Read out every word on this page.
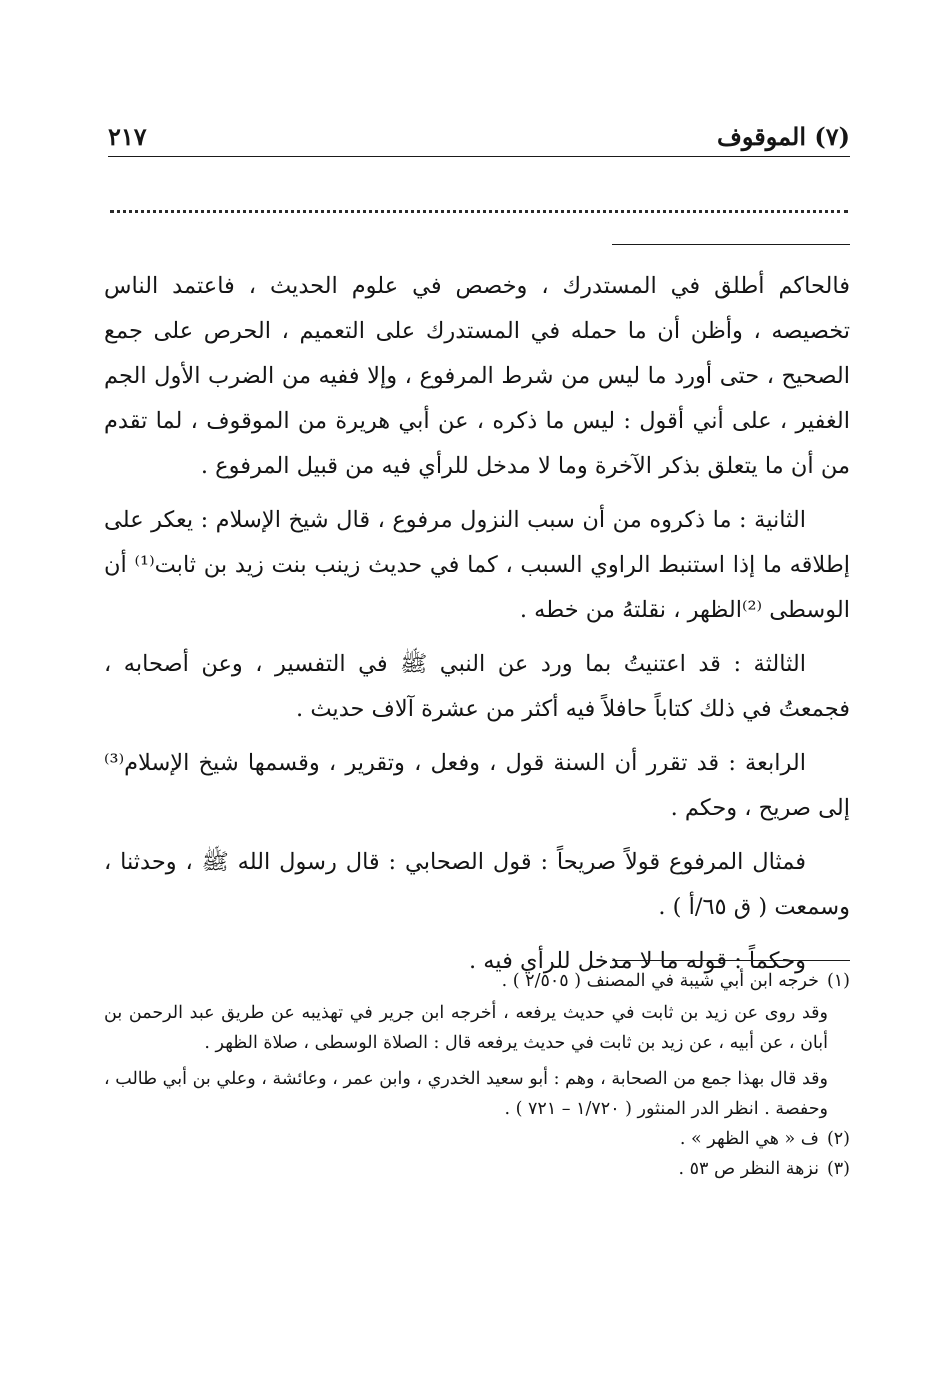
(٧) الموقوف
٢١٧

فالحاكم أطلق في المستدرك ، وخصص في علوم الحديث ، فاعتمد الناس تخصيصه ، وأظن أن ما حمله في المستدرك على التعميم ، الحرص على جمع الصحيح ، حتى أورد ما ليس من شرط المرفوع ، وإلا ففيه من الضرب الأول الجم الغفير ، على أني أقول : ليس ما ذكره ، عن أبي هريرة من الموقوف ، لما تقدم من أن ما يتعلق بذكر الآخرة وما لا مدخل للرأي فيه من قبيل المرفوع .

الثانية : ما ذكروه من أن سبب النزول مرفوع ، قال شيخ الإسلام : يعكر على إطلاقه ما إذا استنبط الراوي السبب ، كما في حديث زينب بنت زيد بن ثابت⁽¹⁾ أن الوسطى ⁽²⁾الظهر ، نقلتهُ من خطه .

الثالثة : قد اعتنيتُ بما ورد عن النبي ﷺ في التفسير ، وعن أصحابه ، فجمعتُ في ذلك كتاباً حافلاً فيه أكثر من عشرة آلاف حديث .

الرابعة : قد تقرر أن السنة قول ، وفعل ، وتقرير ، وقسمها شيخ الإسلام⁽³⁾ إلى صريح ، وحكم .

فمثال المرفوع قولاً صريحاً : قول الصحابي : قال رسول الله ﷺ ، وحدثنا ، وسمعت ( ق ٦٥/أ ) .

وحكماً : قوله ما لا مدخل للرأي فيه .

(١)خرجه ابن أبي شيبة في المصنف ( ٢/٥٠٥ ) .

وقد روى عن زيد بن ثابت في حديث يرفعه ، أخرجه ابن جرير في تهذيبه عن طريق عبد الرحمن بن أبان ، عن أبيه ، عن زيد بن ثابت في حديث يرفعه قال : الصلاة الوسطى ، صلاة الظهر .

وقد قال بهذا جمع من الصحابة ، وهم : أبو سعيد الخدري ، وابن عمر ، وعائشة ، وعلي بن أبي طالب ، وحفصة . انظر الدر المنثور ( ١/٧٢٠ – ٧٢١ ) .

(٢)ف « هي الظهر » .

(٣)نزهة النظر ص ٥٣ .
